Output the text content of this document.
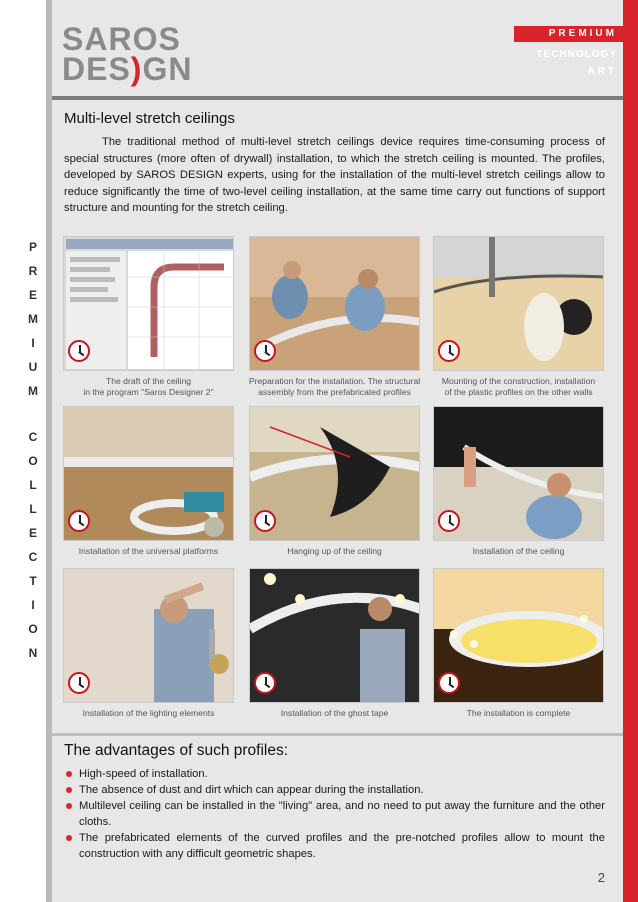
P
R
E
M
I
U
M
C
O
L
L
E
C
T
I
O
N
SAROS
DES)GN
PREMIUM
TECHNOLOGY
ART
Multi-level stretch ceilings

The traditional method of multi-level stretch ceilings device requires time-consuming process of special structures (more often of drywall) installation, to which the stretch ceiling is mounted. The profiles, developed by SAROS DESIGN experts, using for the installation of the multi-level stretch ceilings allow to reduce significantly the time of two-level ceiling installation, at the same time carry out functions of support structure and mounting for the stretch ceiling.

The draft of the ceiling
in the program "Saros Designer 2"
Preparation for the installation. The structural
assembly from the prefabricated profiles
Mounting of the construction, installation
of the plastic profiles on the other walls
Installation of the universal platforms	Hanging up of the ceiling	Installation of the ceiling
Installation of the lighting elements	Installation of the ghost tape	The installation is complete
The advantages of such profiles:
High-speed of installation.
The absence of dust and dirt which can appear during the installation.
Multilevel ceiling can be installed in the "living" area, and no need to put away the furniture and the other cloths.
The prefabricated elements of the curved profiles and the pre-notched profiles allow to mount the construction with any difficult geometric shapes.
2
